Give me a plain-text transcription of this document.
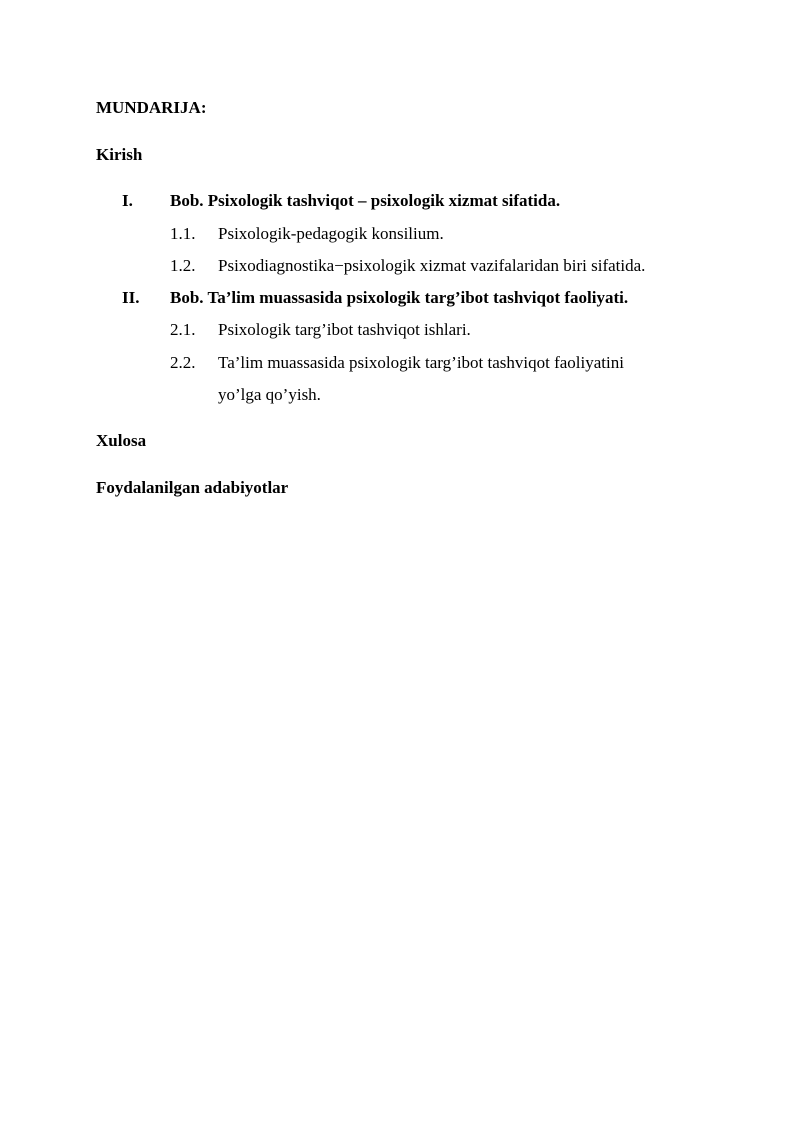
MUNDARIJA:
Kirish
I. Bob. Psixologik tashviqot – psixologik xizmat sifatida.
1.1. Psixologik-pedagogik konsilium.
1.2. Psixodiagnostika−psixologik xizmat vazifalaridan biri sifatida.
II. Bob. Ta’lim muassasida psixologik targ’ibot tashviqot faoliyati.
2.1. Psixologik targ’ibot tashviqot ishlari.
2.2. Ta’lim muassasida psixologik targ’ibot tashviqot faoliyatini
yo’lga qo’yish.
Xulosa
Foydalanilgan adabiyotlar
